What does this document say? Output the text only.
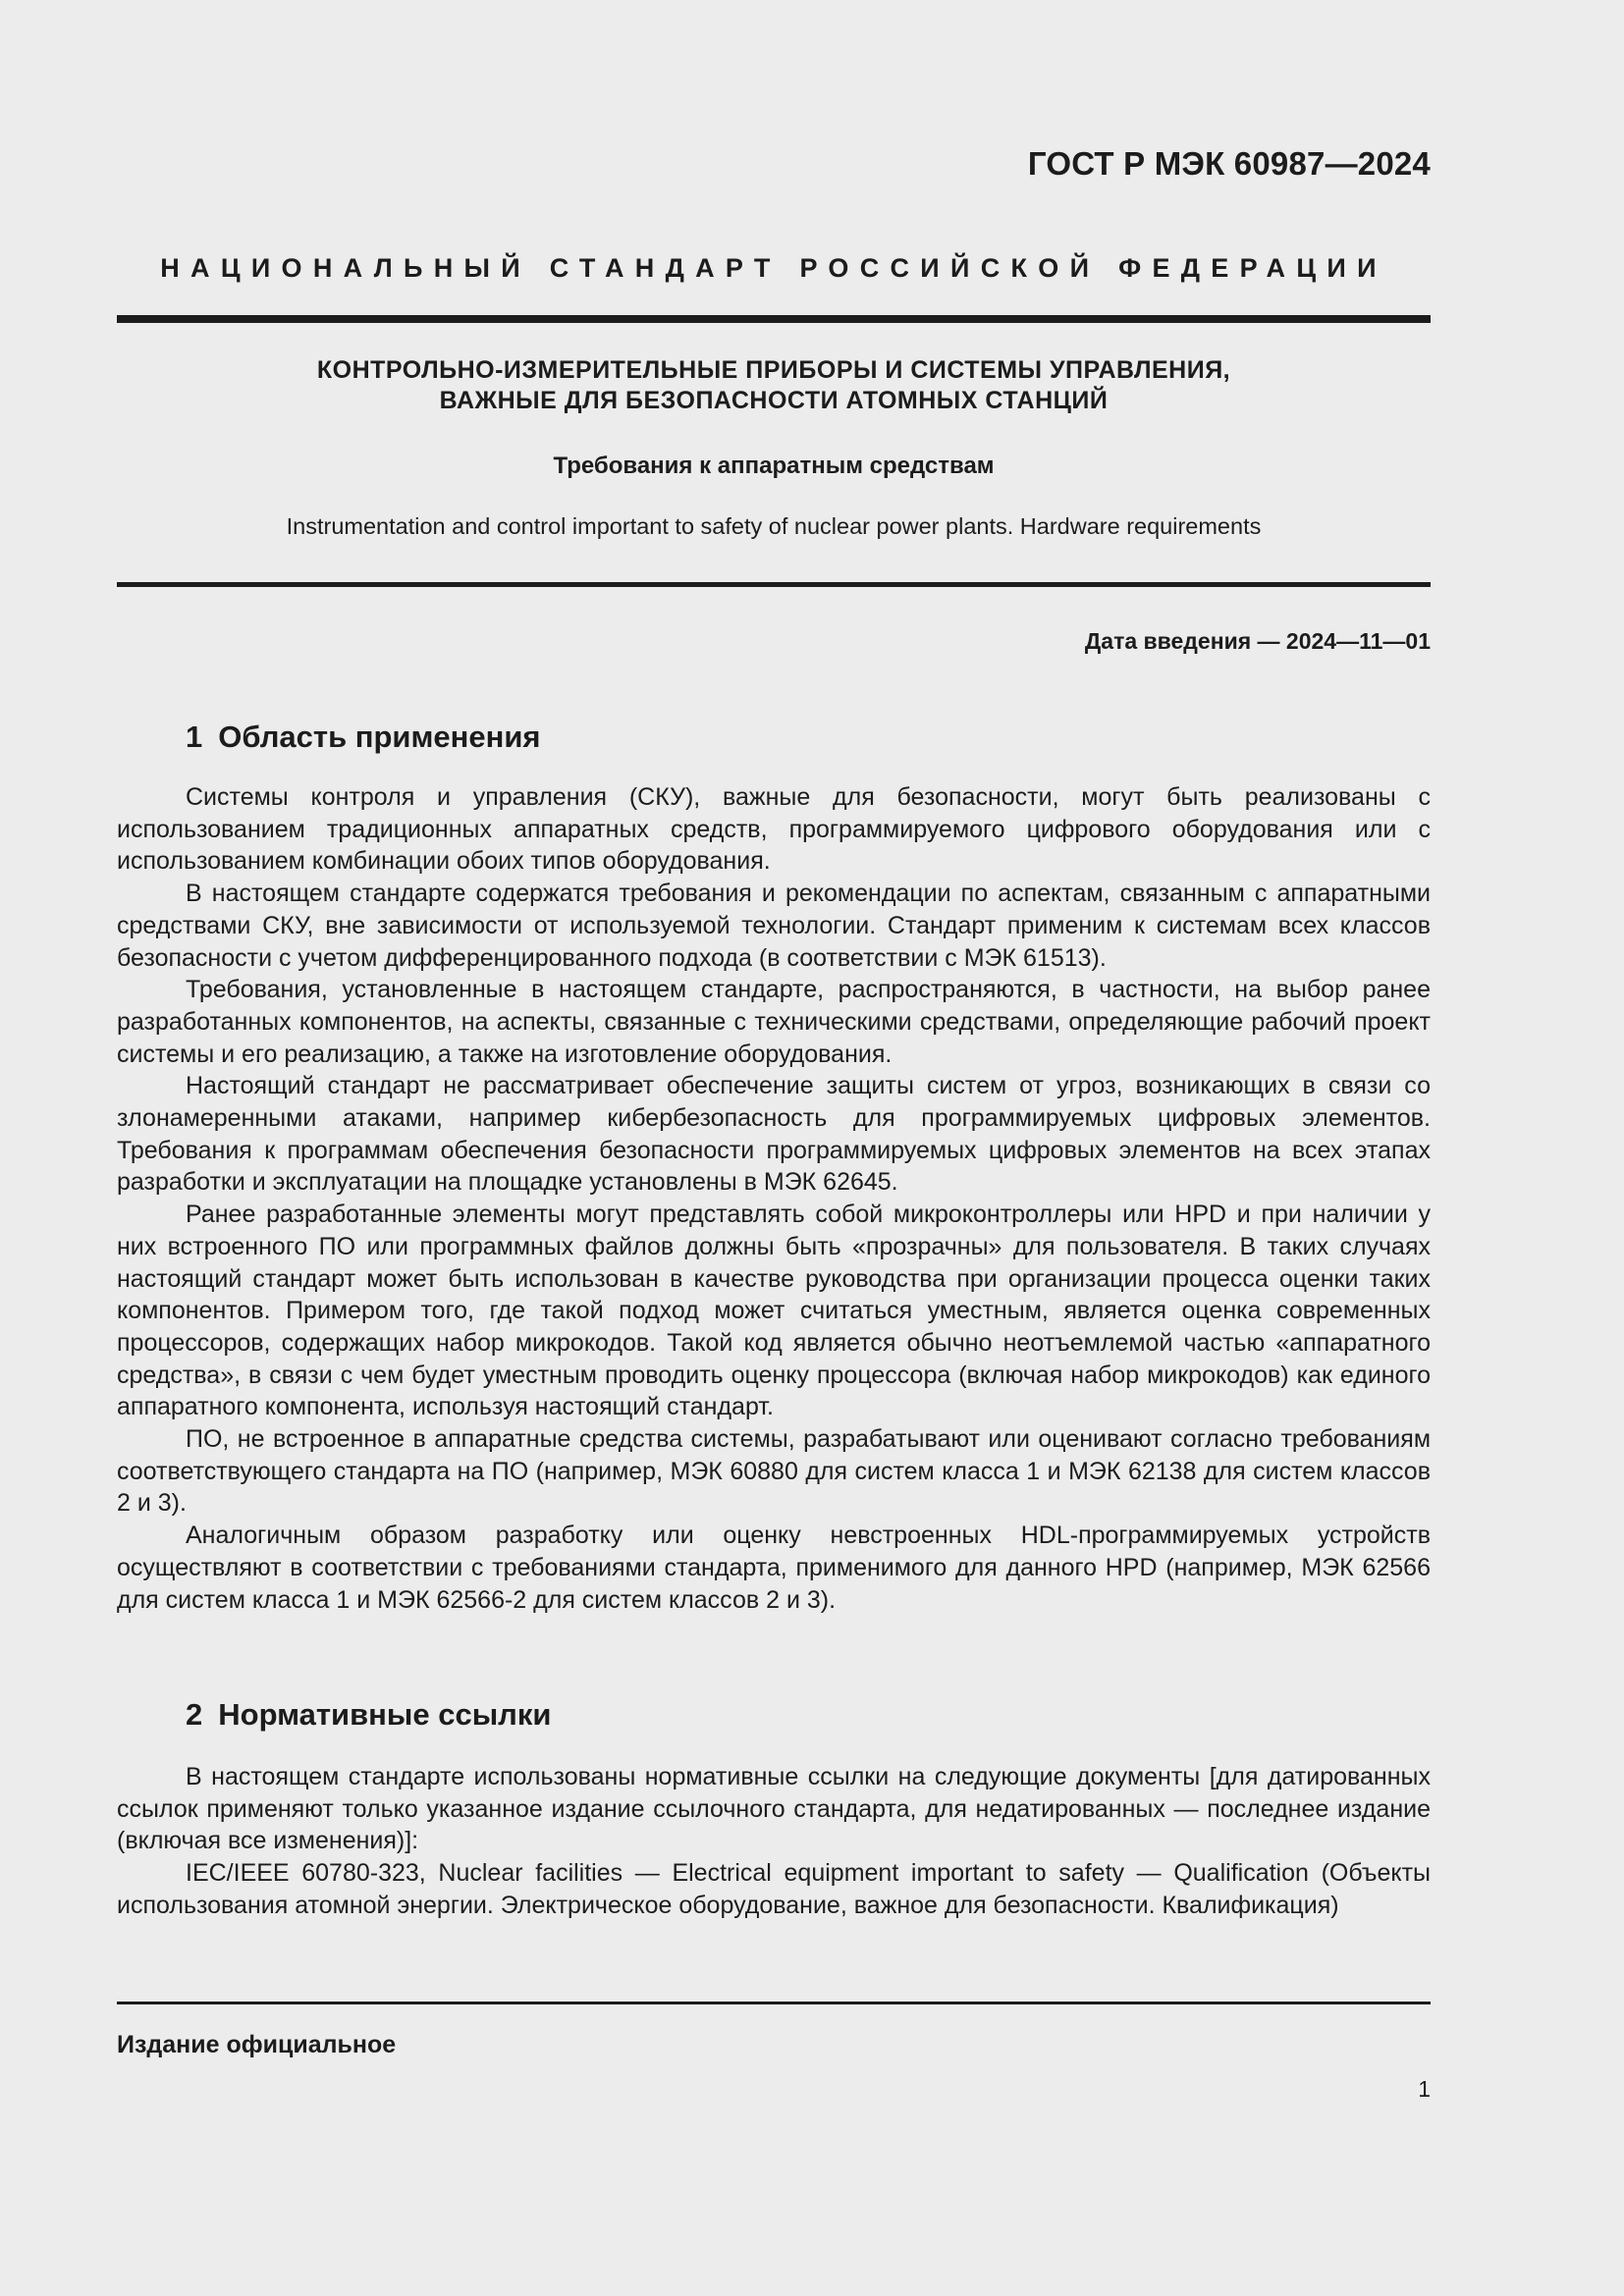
ГОСТ Р МЭК 60987—2024
НАЦИОНАЛЬНЫЙ СТАНДАРТ РОССИЙСКОЙ ФЕДЕРАЦИИ
КОНТРОЛЬНО-ИЗМЕРИТЕЛЬНЫЕ ПРИБОРЫ И СИСТЕМЫ УПРАВЛЕНИЯ,
ВАЖНЫЕ ДЛЯ БЕЗОПАСНОСТИ АТОМНЫХ СТАНЦИЙ
Требования к аппаратным средствам
Instrumentation and control important to safety of nuclear power plants. Hardware requirements
Дата введения — 2024—11—01
1 Область применения

Системы контроля и управления (СКУ), важные для безопасности, могут быть реализованы с использованием традиционных аппаратных средств, программируемого цифрового оборудования или с использованием комбинации обоих типов оборудования.

В настоящем стандарте содержатся требования и рекомендации по аспектам, связанным с аппаратными средствами СКУ, вне зависимости от используемой технологии. Стандарт применим к системам всех классов безопасности с учетом дифференцированного подхода (в соответствии с МЭК 61513).

Требования, установленные в настоящем стандарте, распространяются, в частности, на выбор ранее разработанных компонентов, на аспекты, связанные с техническими средствами, определяющие рабочий проект системы и его реализацию, а также на изготовление оборудования.

Настоящий стандарт не рассматривает обеспечение защиты систем от угроз, возникающих в связи со злонамеренными атаками, например кибербезопасность для программируемых цифровых элементов. Требования к программам обеспечения безопасности программируемых цифровых элементов на всех этапах разработки и эксплуатации на площадке установлены в МЭК 62645.

Ранее разработанные элементы могут представлять собой микроконтроллеры или HPD и при наличии у них встроенного ПО или программных файлов должны быть «прозрачны» для пользователя. В таких случаях настоящий стандарт может быть использован в качестве руководства при организации процесса оценки таких компонентов. Примером того, где такой подход может считаться уместным, является оценка современных процессоров, содержащих набор микрокодов. Такой код является обычно неотъемлемой частью «аппаратного средства», в связи с чем будет уместным проводить оценку процессора (включая набор микрокодов) как единого аппаратного компонента, используя настоящий стандарт.

ПО, не встроенное в аппаратные средства системы, разрабатывают или оценивают согласно требованиям соответствующего стандарта на ПО (например, МЭК 60880 для систем класса 1 и МЭК 62138 для систем классов 2 и 3).

Аналогичным образом разработку или оценку невстроенных HDL-программируемых устройств осуществляют в соответствии с требованиями стандарта, применимого для данного HPD (например, МЭК 62566 для систем класса 1 и МЭК 62566-2 для систем классов 2 и 3).

2 Нормативные ссылки

В настоящем стандарте использованы нормативные ссылки на следующие документы [для датированных ссылок применяют только указанное издание ссылочного стандарта, для недатированных — последнее издание (включая все изменения)]:

IEC/IEEE 60780-323, Nuclear facilities — Electrical equipment important to safety — Qualification (Объекты использования атомной энергии. Электрическое оборудование, важное для безопасности. Квалификация)

Издание официальное
1
